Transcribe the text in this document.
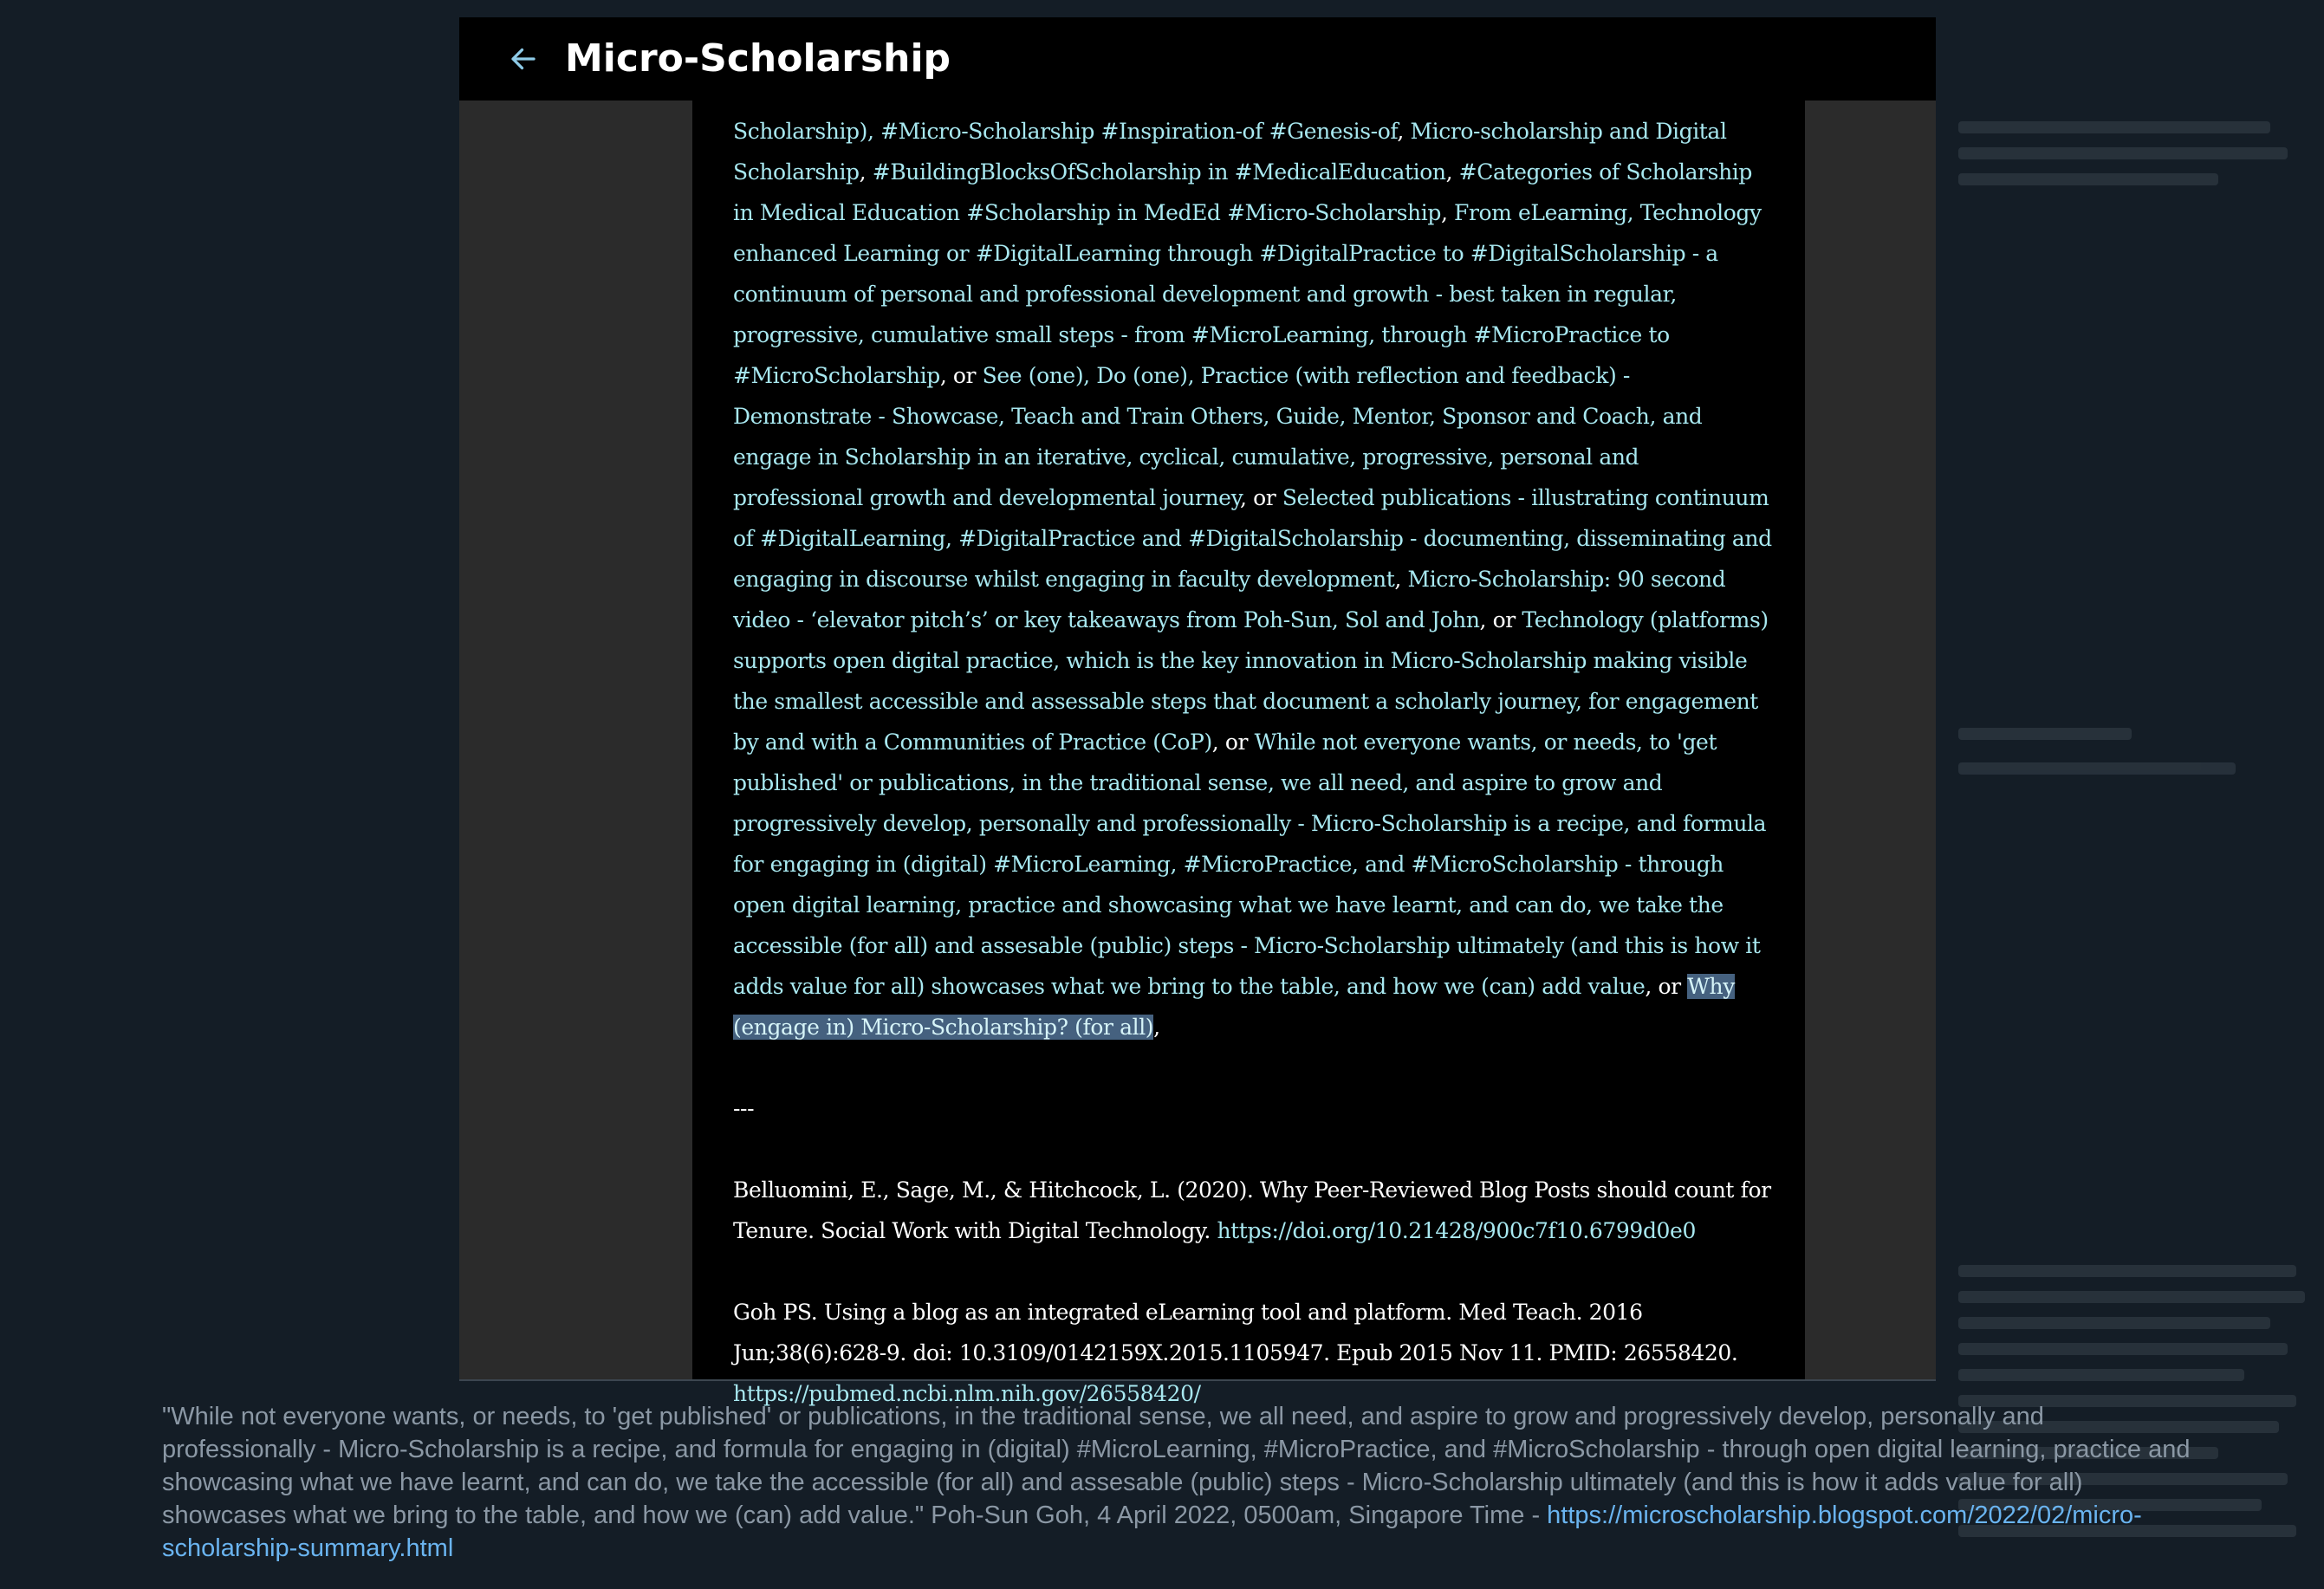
Micro-Scholarship

Scholarship), #Micro-Scholarship #Inspiration-of #Genesis-of, Micro-scholarship and Digital Scholarship, #BuildingBlocksOfScholarship in #MedicalEducation, #Categories of Scholarship in Medical Education #Scholarship in MedEd #Micro-Scholarship, From eLearning, Technology enhanced Learning or #DigitalLearning through #DigitalPractice to #DigitalScholarship - a continuum of personal and professional development and growth - best taken in regular, progressive, cumulative small steps - from #MicroLearning, through #MicroPractice to #MicroScholarship, or See (one), Do (one), Practice (with reflection and feedback) - Demonstrate - Showcase, Teach and Train Others, Guide, Mentor, Sponsor and Coach, and engage in Scholarship in an iterative, cyclical, cumulative, progressive, personal and professional growth and developmental journey, or Selected publications - illustrating continuum of #DigitalLearning, #DigitalPractice and #DigitalScholarship - documenting, disseminating and engaging in discourse whilst engaging in faculty development, Micro-Scholarship: 90 second video - ‘elevator pitch’s’ or key takeaways from Poh-Sun, Sol and John, or Technology (platforms) supports open digital practice, which is the key innovation in Micro-Scholarship making visible the smallest accessible and assessable steps that document a scholarly journey, for engagement by and with a Communities of Practice (CoP), or While not everyone wants, or needs, to 'get published' or publications, in the traditional sense, we all need, and aspire to grow and progressively develop, personally and professionally - Micro-Scholarship is a recipe, and formula for engaging in (digital) #MicroLearning, #MicroPractice, and #MicroScholarship - through open digital learning, practice and showcasing what we have learnt, and can do, we take the accessible (for all) and assesable (public) steps - Micro-Scholarship ultimately (and this is how it adds value for all) showcases what we bring to the table, and how we (can) add value, or Why (engage in) Micro-Scholarship? (for all),

---

Belluomini, E., Sage, M., & Hitchcock, L. (2020). Why Peer-Reviewed Blog Posts should count for Tenure. Social Work with Digital Technology. https://doi.org/10.21428/900c7f10.6799d0e0

Goh PS. Using a blog as an integrated eLearning tool and platform. Med Teach. 2016 Jun;38(6):628-9. doi: 10.3109/0142159X.2015.1105947. Epub 2015 Nov 11. PMID: 26558420. https://pubmed.ncbi.nlm.nih.gov/26558420/

"While not everyone wants, or needs, to 'get published' or publications, in the traditional sense, we all need, and aspire to grow and progressively develop, personally and professionally - Micro-Scholarship is a recipe, and formula for engaging in (digital) #MicroLearning, #MicroPractice, and #MicroScholarship - through open digital learning, practice and showcasing what we have learnt, and can do, we take the accessible (for all) and assesable (public) steps - Micro-Scholarship ultimately (and this is how it adds value for all) showcases what we bring to the table, and how we (can) add value." Poh-Sun Goh, 4 April 2022, 0500am, Singapore Time - https://microscholarship.blogspot.com/2022/02/micro-scholarship-summary.html
